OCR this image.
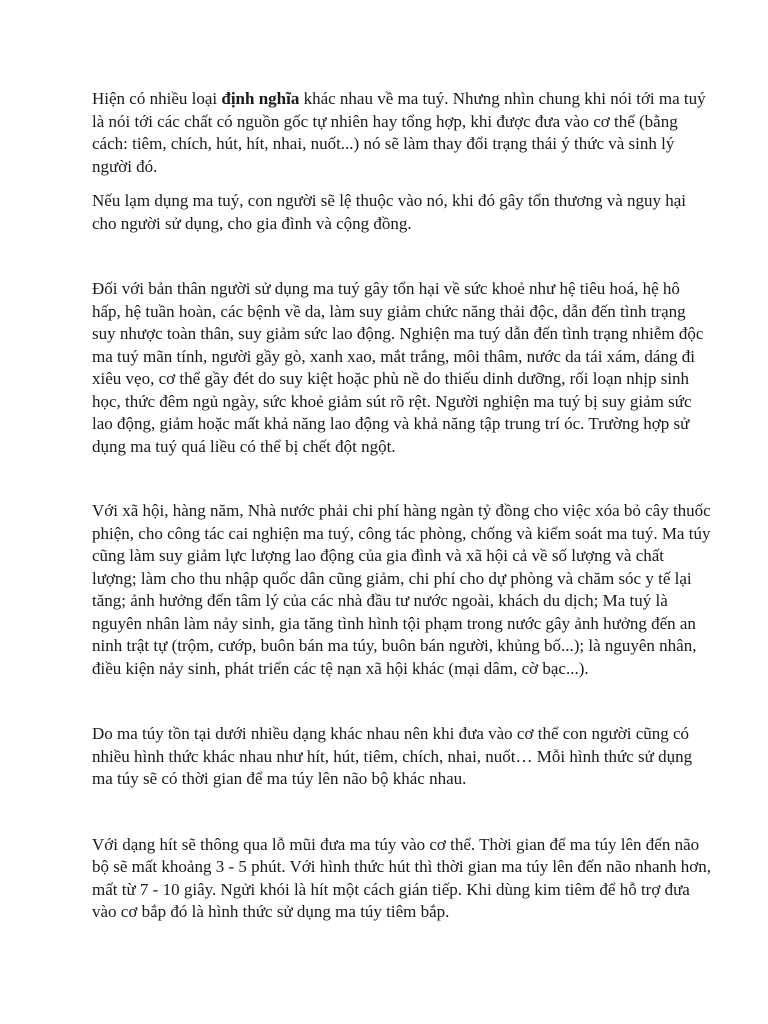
Hiện có nhiều loại định nghĩa khác nhau về ma tuý. Nhưng nhìn chung khi nói tới ma tuý là nói tới các chất có nguồn gốc tự nhiên hay tổng hợp, khi được đưa vào cơ thể (bằng cách: tiêm, chích, hút, hít, nhai, nuốt...) nó sẽ làm thay đổi trạng thái ý thức và sinh lý người đó.

Nếu lạm dụng ma tuý, con người sẽ lệ thuộc vào nó, khi đó gây tổn thương và nguy hại cho người sử dụng, cho gia đình và cộng đồng.

Đối với bản thân người sử dụng ma tuý gây tổn hại về sức khoẻ như hệ tiêu hoá, hệ hô hấp, hệ tuần hoàn, các bệnh về da, làm suy giảm chức năng thải độc, dẫn đến tình trạng suy nhược toàn thân, suy giảm sức lao động. Nghiện ma tuý dẫn đến tình trạng nhiễm độc ma tuý mãn tính, người gầy gò, xanh xao, mắt trắng, môi thâm, nước da tái xám, dáng đi xiêu vẹo, cơ thể gầy đét do suy kiệt hoặc phù nề do thiếu dinh dưỡng, rối loạn nhịp sinh học, thức đêm ngủ ngày, sức khoẻ giảm sút rõ rệt. Người nghiện ma tuý bị suy giảm sức lao động, giảm hoặc mất khả năng lao động và khả năng tập trung trí óc. Trường hợp sử dụng ma tuý quá liều có thể bị chết đột ngột.

Với xã hội, hàng năm, Nhà nước phải chi phí hàng ngàn tỷ đồng cho việc xóa bỏ cây thuốc phiện, cho công tác cai nghiện ma tuý, công tác phòng, chống và kiểm soát ma tuý. Ma túy cũng làm suy giảm lực lượng lao động của gia đình và xã hội cả về số lượng và chất lượng; làm cho thu nhập quốc dân cũng giảm, chi phí cho dự phòng và chăm sóc y tế lại tăng; ảnh hưởng đến tâm lý của các nhà đầu tư nước ngoài, khách du dịch; Ma tuý là nguyên nhân làm nảy sinh, gia tăng tình hình tội phạm trong nước gây ảnh hưởng đến an ninh trật tự (trộm, cướp, buôn bán ma túy, buôn bán người, khủng bố...); là nguyên nhân, điều kiện nảy sinh, phát triển các tệ nạn xã hội khác (mại dâm, cờ bạc...).

Do ma túy tồn tại dưới nhiều dạng khác nhau nên khi đưa vào cơ thể con người cũng có nhiều hình thức khác nhau như hít, hút, tiêm, chích, nhai, nuốt… Mỗi hình thức sử dụng ma túy sẽ có thời gian để ma túy lên não bộ khác nhau.

Với dạng hít sẽ thông qua lỗ mũi đưa ma túy vào cơ thể. Thời gian để ma túy lên đến não bộ sẽ mất khoảng 3 - 5 phút. Với hình thức hút thì thời gian ma túy lên đến não nhanh hơn, mất từ 7 - 10 giây. Ngửi khói là hít một cách gián tiếp. Khi dùng kim tiêm để hỗ trợ đưa vào cơ bắp đó là hình thức sử dụng ma túy tiêm bắp.
